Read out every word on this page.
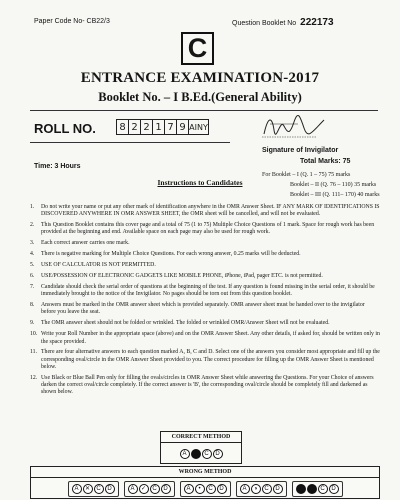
Paper Code No- CB22/3	Question Booklet No 222173
C
ENTRANCE EXAMINATION-2017
Booklet No. – I B.Ed.(General Ability)
ROLL NO.	8 2 2 1 7 9 AINY
Signature of Invigilator
Total Marks: 75
Time: 3 Hours
For Booklet – I (Q. 1 – 75) 75 marks
Booklet – II (Q. 76 – 110) 35 marks
Booklet – III (Q. 111– 170) 40 marks
Instructions to Candidates
1.	Do not write your name or put any other mark of identification anywhere in the OMR Answer Sheet. IF ANY MARK OF IDENTIFICATIONS IS DISCOVERED ANYWHERE IN OMR ANSWER SHEET, the OMR sheet will be cancelled, and will not be evaluated.
2.	This Question Booklet contains this cover page and a total of 75 (1 to 75) Multiple Choice Questions of 1 mark. Space for rough work has been provided at the beginning and end. Available space on each page may also be used for rough work.
3.	Each correct answer carries one mark.
4.	There is negative marking for Multiple Choice Questions. For each wrong answer, 0.25 marks will be deducted.
5.	USE OF CALCULATOR IS NOT PERMITTED.
6.	USE/POSSESSION OF ELECTRONIC GADGETS LIKE MOBILE PHONE, iPhone, iPad, pager ETC. is not permitted.
7.	Candidate should check the serial order of questions at the beginning of the test. If any question is found missing in the serial order, it should be immediately brought to the notice of the Invigilator. No pages should be torn out from this question booklet.
8.	Answers must be marked in the OMR answer sheet which is provided separately. OMR answer sheet must be handed over to the invigilator before you leave the seat.
9.	The OMR answer sheet should not be folded or wrinkled. The folded or wrinkled OMR/Answer Sheet will not be evaluated.
10. Write your Roll Number in the appropriate space (above) and on the OMR Answer Sheet. Any other details, if asked for, should be written only in the space provided.
11. There are four alternative answers to each question marked A, B, C and D. Select one of the answers you consider most appropriate and fill up the corresponding oval/circle in the OMR Answer Sheet provided to you. The correct procedure for filling up the OMR Answer Sheet is mentioned below.
12. Use Black or Blue Ball Pen only for filling the ovals/circles in OMR Answer Sheet while answering the Questions. For your Choice of answers darken the correct oval/circle completely. If the correct answer is 'B', the corresponding oval/circle should be completely fill and darkened as shown below.
CORRECT METHOD
A	C	D
WRONG METHOD
A	✕	C	D	A	✓	C	D	A	•	C	D	A	◑	C	D	C	D
